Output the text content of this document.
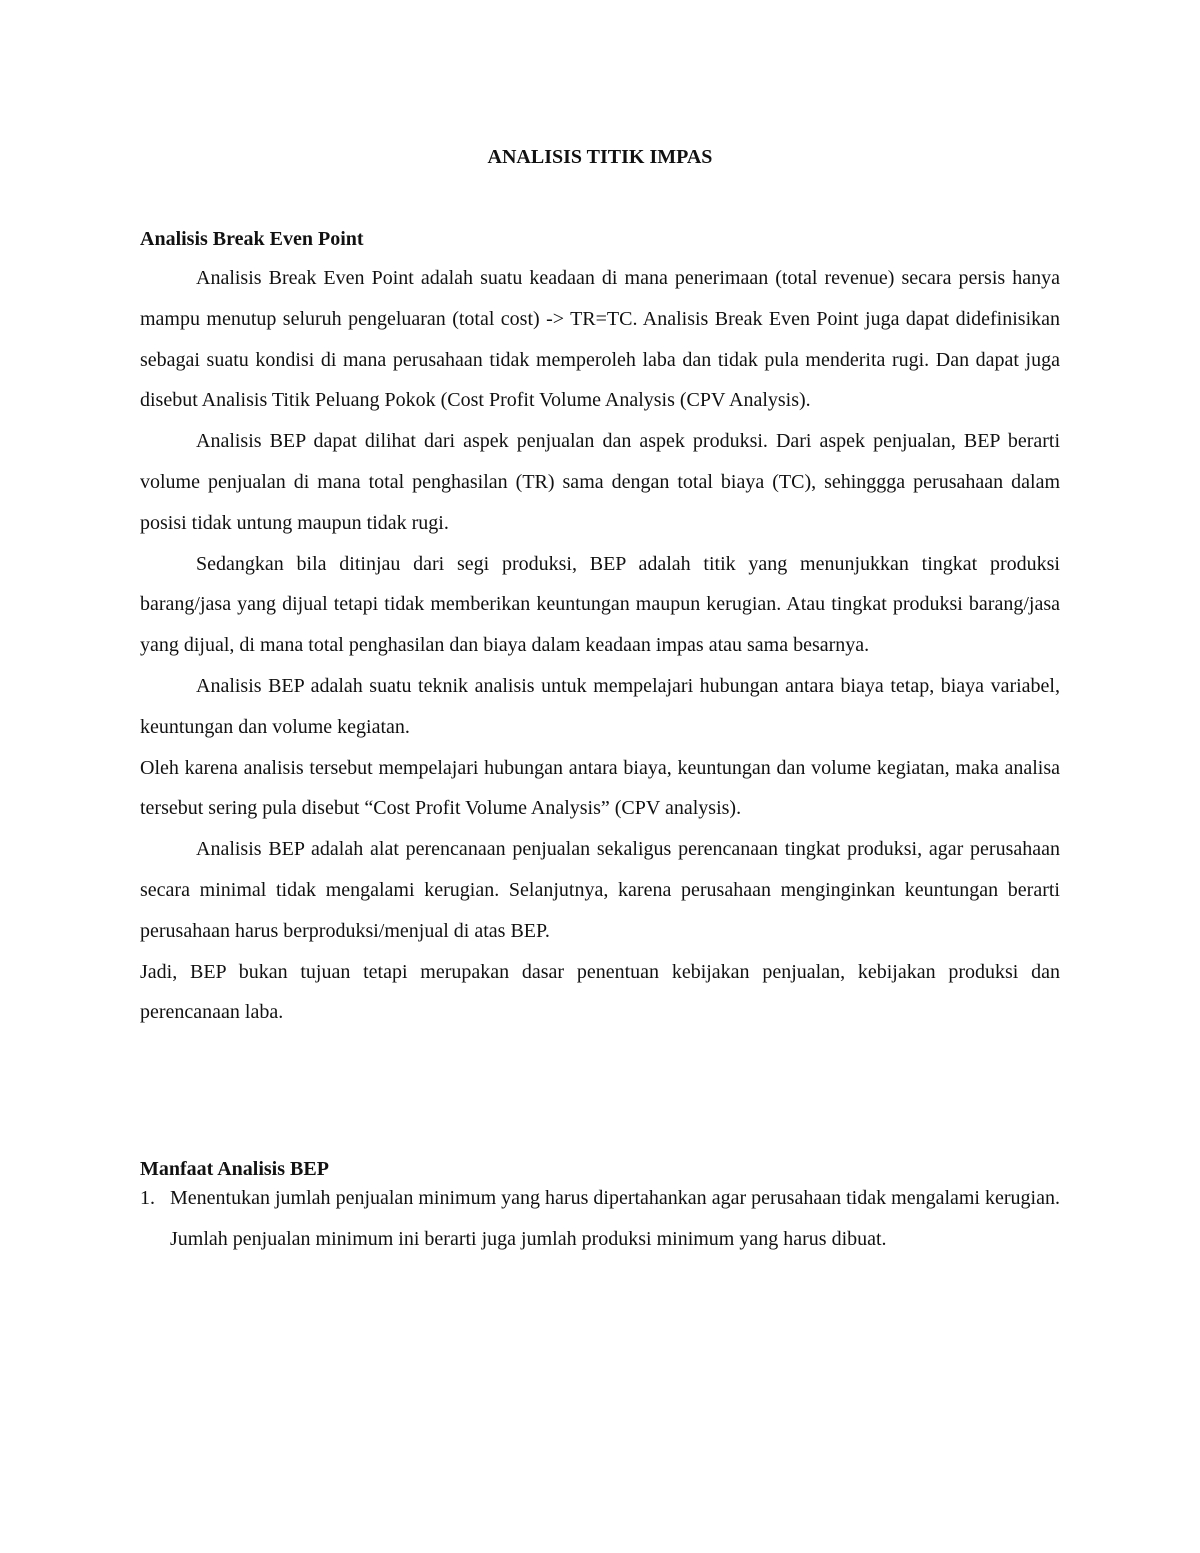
ANALISIS TITIK IMPAS
Analisis Break Even Point

Analisis Break Even Point adalah suatu keadaan di mana penerimaan (total revenue) secara persis hanya mampu menutup seluruh pengeluaran (total cost) -> TR=TC. Analisis Break Even Point juga dapat didefinisikan sebagai suatu kondisi di mana perusahaan tidak memperoleh laba dan tidak pula menderita rugi. Dan dapat juga disebut Analisis Titik Peluang Pokok (Cost Profit Volume Analysis (CPV Analysis).

Analisis BEP dapat dilihat dari aspek penjualan dan aspek produksi. Dari aspek penjualan, BEP berarti volume penjualan di mana total penghasilan (TR) sama dengan total biaya (TC), sehinggga perusahaan dalam posisi tidak untung maupun tidak rugi.

Sedangkan bila ditinjau dari segi produksi, BEP adalah titik yang menunjukkan tingkat produksi barang/jasa yang dijual tetapi tidak memberikan keuntungan maupun kerugian. Atau tingkat produksi barang/jasa yang dijual, di mana total penghasilan dan biaya dalam keadaan impas atau sama besarnya.

Analisis BEP adalah suatu teknik analisis untuk mempelajari hubungan antara biaya tetap, biaya variabel, keuntungan dan volume kegiatan.

Oleh karena analisis tersebut mempelajari hubungan antara biaya, keuntungan dan volume kegiatan, maka analisa tersebut sering pula disebut “Cost Profit Volume Analysis” (CPV analysis).

Analisis BEP adalah alat perencanaan penjualan sekaligus perencanaan tingkat produksi, agar perusahaan secara minimal tidak mengalami kerugian. Selanjutnya, karena perusahaan menginginkan keuntungan berarti perusahaan harus berproduksi/menjual di atas BEP.

Jadi, BEP bukan tujuan tetapi merupakan dasar penentuan kebijakan penjualan, kebijakan produksi dan perencanaan laba.

Manfaat Analisis BEP
1. Menentukan jumlah penjualan minimum yang harus dipertahankan agar perusahaan tidak mengalami kerugian. Jumlah penjualan minimum ini berarti juga jumlah produksi minimum yang harus dibuat.
